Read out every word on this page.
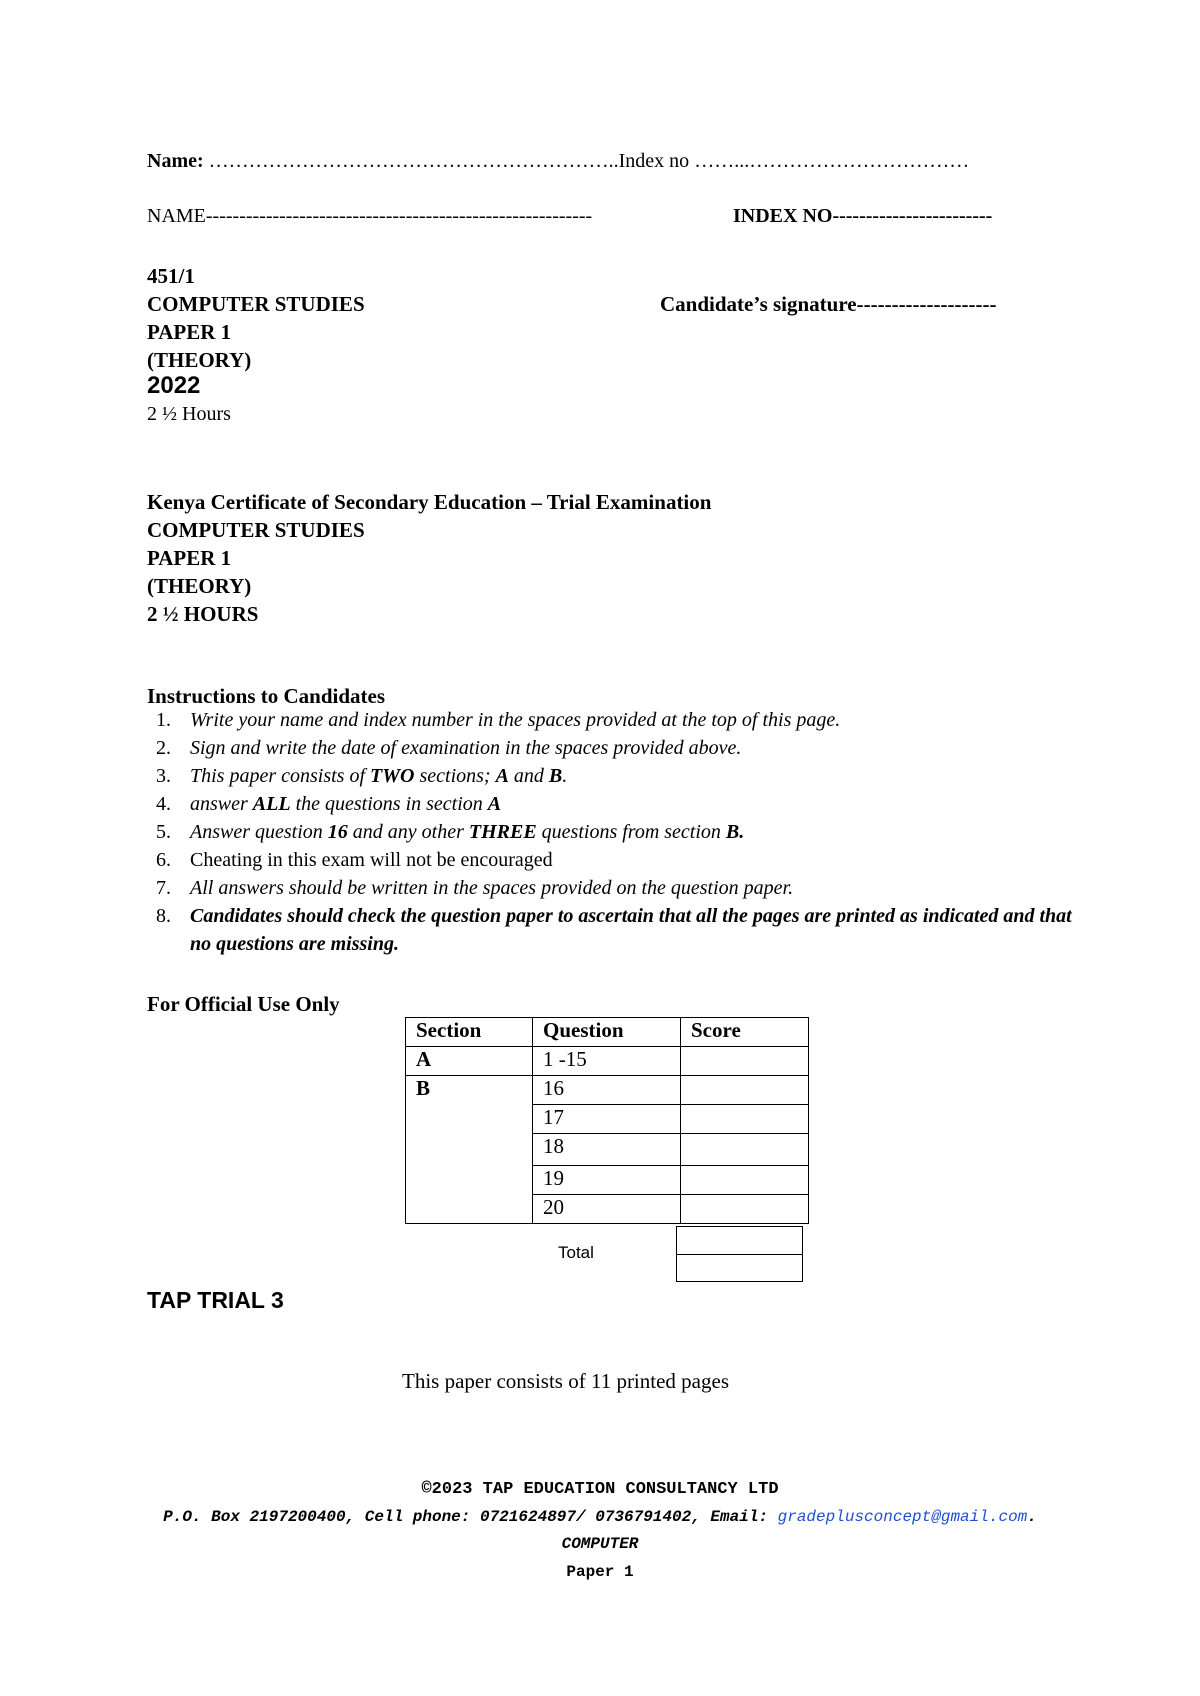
Name: ……………………………………………………..Index no ……...……………………………
NAME----------------------------------------------------------	INDEX NO------------------------
451/1
COMPUTER STUDIES	Candidate’s signature--------------------
PAPER 1
(THEORY)
2022
2 ½ Hours
Kenya Certificate of Secondary Education – Trial Examination
COMPUTER STUDIES
PAPER 1
(THEORY)
2 ½ HOURS
Instructions to Candidates
1. Write your name and index number in the spaces provided at the top of this page.
2. Sign and write the date of examination in the spaces provided above.
3. This paper consists of TWO sections; A and B.
4. answer ALL the questions in section A
5. Answer question 16 and any other THREE questions from section B.
6. Cheating in this exam will not be encouraged
7. All answers should be written in the spaces provided on the question paper.
8. Candidates should check the question paper to ascertain that all the pages are printed as indicated and that no questions are missing.
For Official Use Only
Section	Question	Score
A	1 -15	
B	16	
	17	
	18	
	19	
	20	
Total
TAP TRIAL 3
This paper consists of 11 printed pages
©2023 TAP EDUCATION CONSULTANCY LTD
P.O. Box 2197200400, Cell phone: 0721624897/ 0736791402, Email: gradeplusconcept@gmail.com.
COMPUTER
Paper 1
